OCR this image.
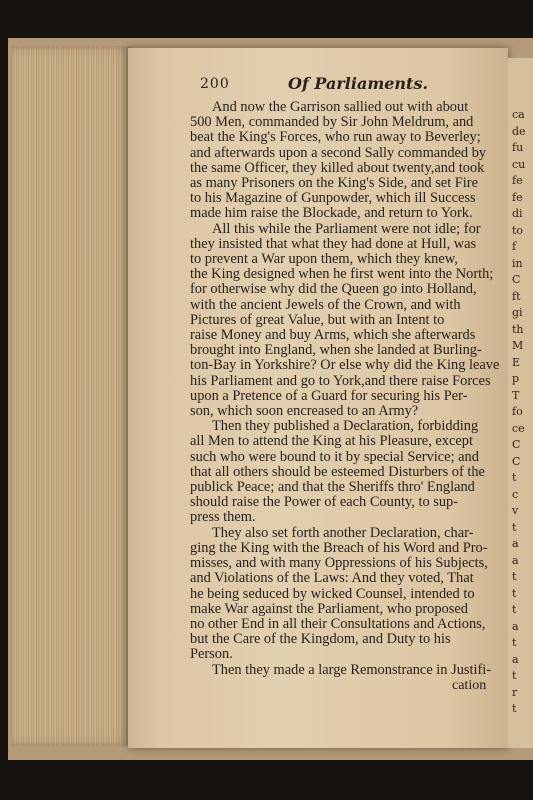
ca
de
fu
cu
fe
fe
di
to
f
in
C
ft
gi
th
M
E
p
T
fo
ce
C
C
t
c
v
t
a
a
t
t
t
a
t
a
t
r
t
200	Of Parliaments.
And now the Garrison sallied out with about
500 Men, commanded by Sir John Meldrum, and
beat the King's Forces, who run away to Beverley;
and afterwards upon a second Sally commanded by
the same Officer, they killed about twenty,and took
as many Prisoners on the King's Side, and set Fire
to his Magazine of Gunpowder, which ill Success
made him raise the Blockade, and return to York.
All this while the Parliament were not idle; for
they insisted that what they had done at Hull, was
to prevent a War upon them, which they knew,
the King designed when he first went into the North;
for otherwise why did the Queen go into Holland,
with the ancient Jewels of the Crown, and with
Pictures of great Value, but with an Intent to
raise Money and buy Arms, which she afterwards
brought into England, when she landed at Burling-
ton-Bay in Yorkshire? Or else why did the King leave
his Parliament and go to York,and there raise Forces
upon a Pretence of a Guard for securing his Per-
son, which soon encreased to an Army?
Then they published a Declaration, forbidding
all Men to attend the King at his Pleasure, except
such who were bound to it by special Service; and
that all others should be esteemed Disturbers of the
publick Peace; and that the Sheriffs thro' England
should raise the Power of each County, to sup-
press them.
They also set forth another Declaration, char-
ging the King with the Breach of his Word and Pro-
misses, and with many Oppressions of his Subjects,
and Violations of the Laws: And they voted, That
he being seduced by wicked Counsel, intended to
make War against the Parliament, who proposed
no other End in all their Consultations and Actions,
but the Care of the Kingdom, and Duty to his
Person.
Then they made a large Remonstrance in Justifi-
cation
